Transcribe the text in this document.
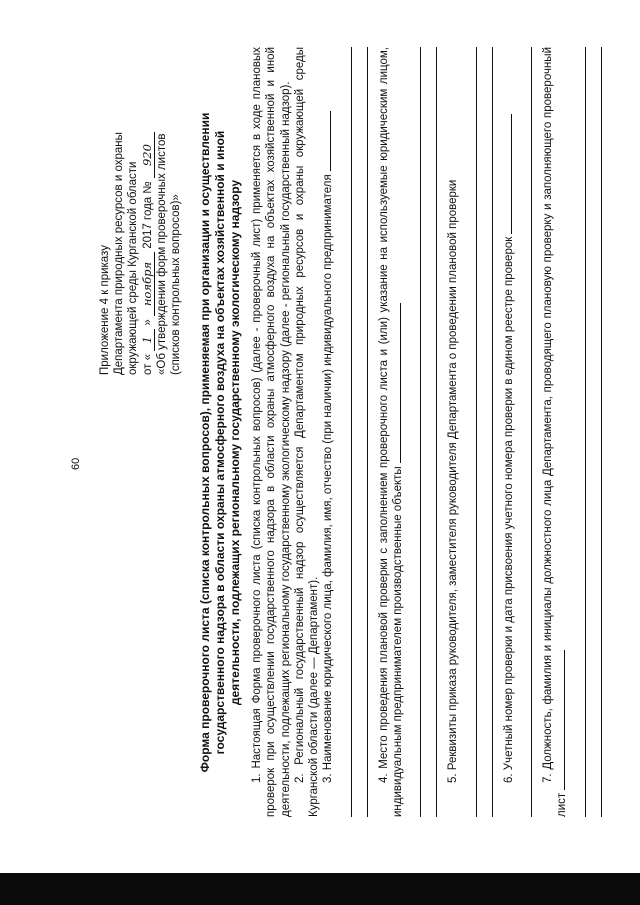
60
Приложение 4 к приказу Департамента природных ресурсов и охраны окружающей среды Курганской области от « 1 » ноября 2017 года № 920 «Об утверждении форм проверочных листов (списков контрольных вопросов)» Форма проверочного листа (списка контрольных вопросов), применяемая при организации и осуществлении государственного надзора в области охраны атмосферного воздуха на объектах хозяйственной и иной деятельности, подлежащих региональному государственному экологическому надзору 1. Настоящая Форма проверочного листа (списка контрольных вопросов) (далее - проверочный лист) применяется в ходе плановых проверок при осуществлении государственного надзора в области охраны атмосферного воздуха на объектах хозяйственной и иной деятельности, подлежащих региональному государственному экологическому надзору (далее - региональный государственный надзор). 2. Региональный государственный надзор осуществляется Департаментом природных ресурсов и охраны окружающей среды Курганской области (далее — Департамент). 3. Наименование юридического лица, фамилия, имя, отчество (при наличии) индивидуального предпринимателя	4. Место проведения плановой проверки с заполнением проверочного листа и (или) указание на используемые юридическим лицом, индивидуальным предпринимателем производственные объекты	5. Реквизиты приказа руководителя, заместителя руководителя Департамента о проведении плановой проверки	6. Учетный номер проверки и дата присвоения учетного номера проверки в едином реестре проверок 7. Должность, фамилия и инициалы должностного лица Департамента, проводящего плановую проверку и заполняющего проверочный лист
